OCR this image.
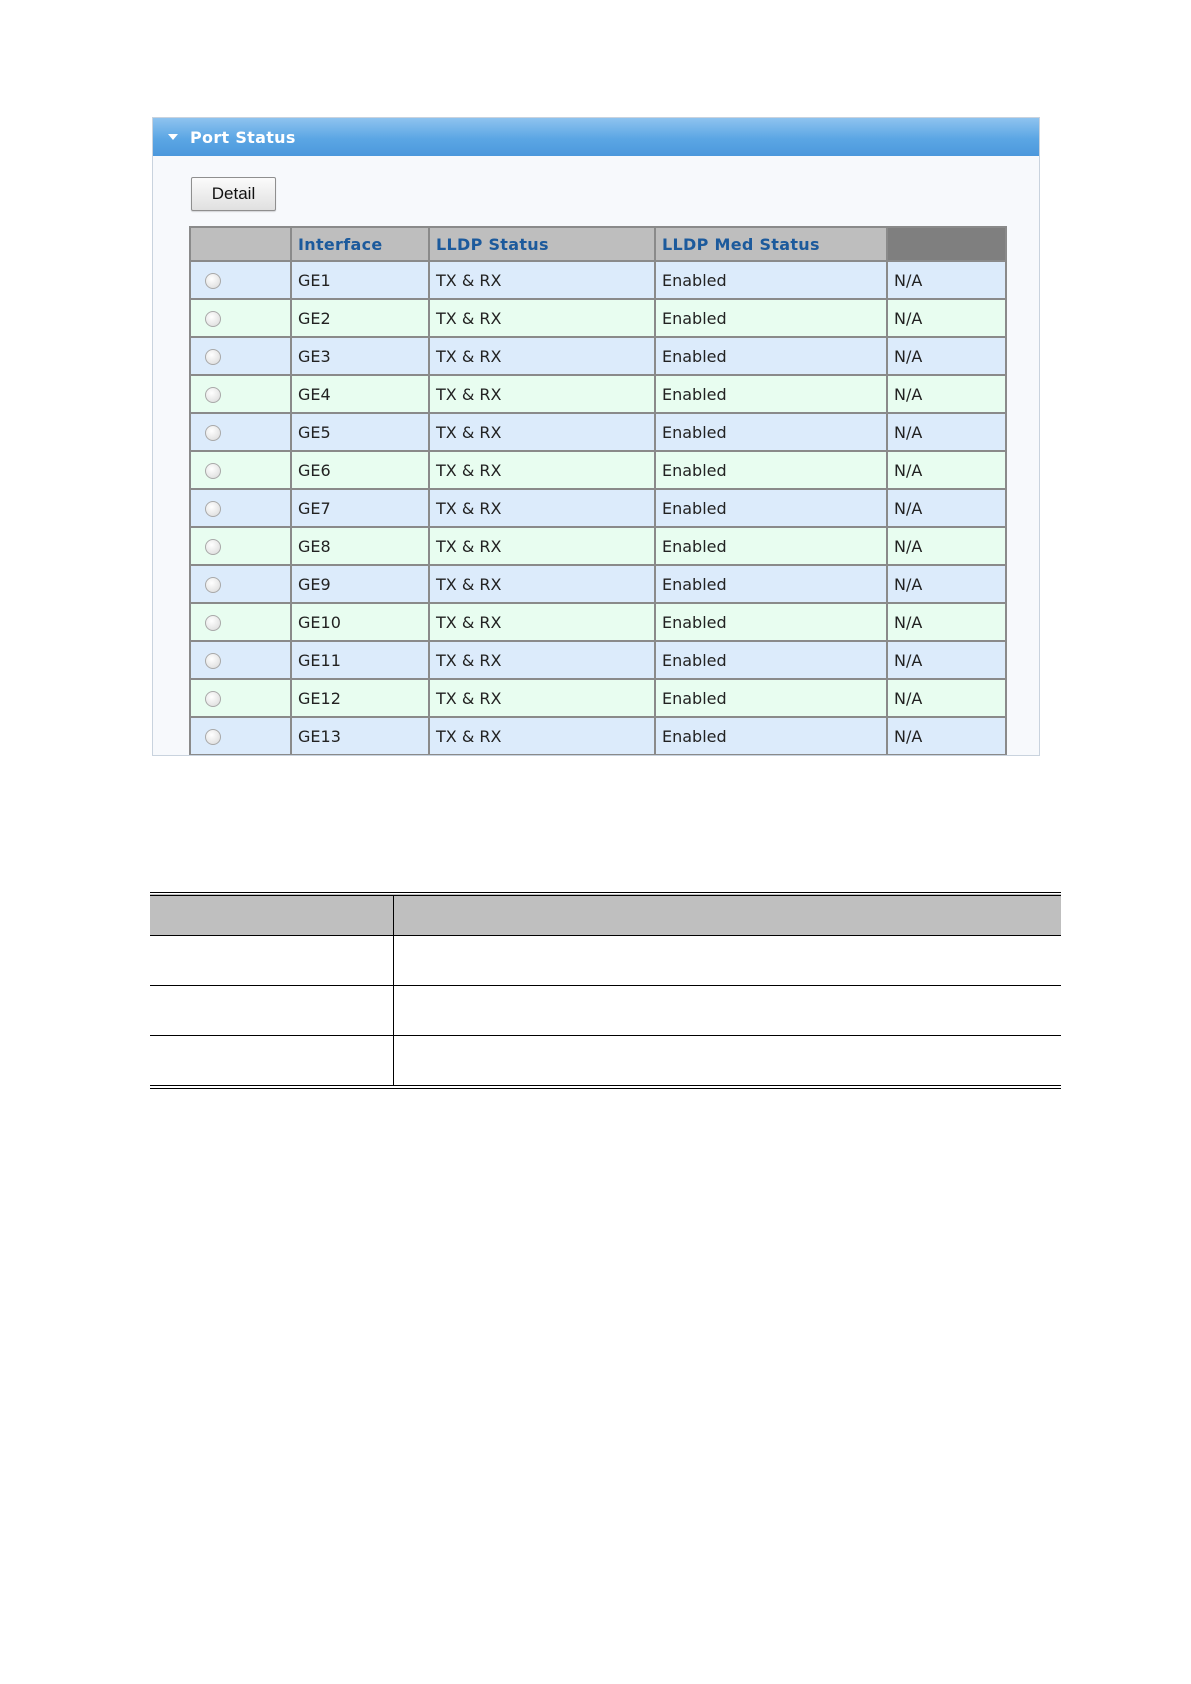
Port Status
Detail
	Interface	LLDP Status	LLDP Med Status	
	GE1	TX & RX	Enabled	N/A
	GE2	TX & RX	Enabled	N/A
	GE3	TX & RX	Enabled	N/A
	GE4	TX & RX	Enabled	N/A
	GE5	TX & RX	Enabled	N/A
	GE6	TX & RX	Enabled	N/A
	GE7	TX & RX	Enabled	N/A
	GE8	TX & RX	Enabled	N/A
	GE9	TX & RX	Enabled	N/A
	GE10	TX & RX	Enabled	N/A
	GE11	TX & RX	Enabled	N/A
	GE12	TX & RX	Enabled	N/A
	GE13	TX & RX	Enabled	N/A
